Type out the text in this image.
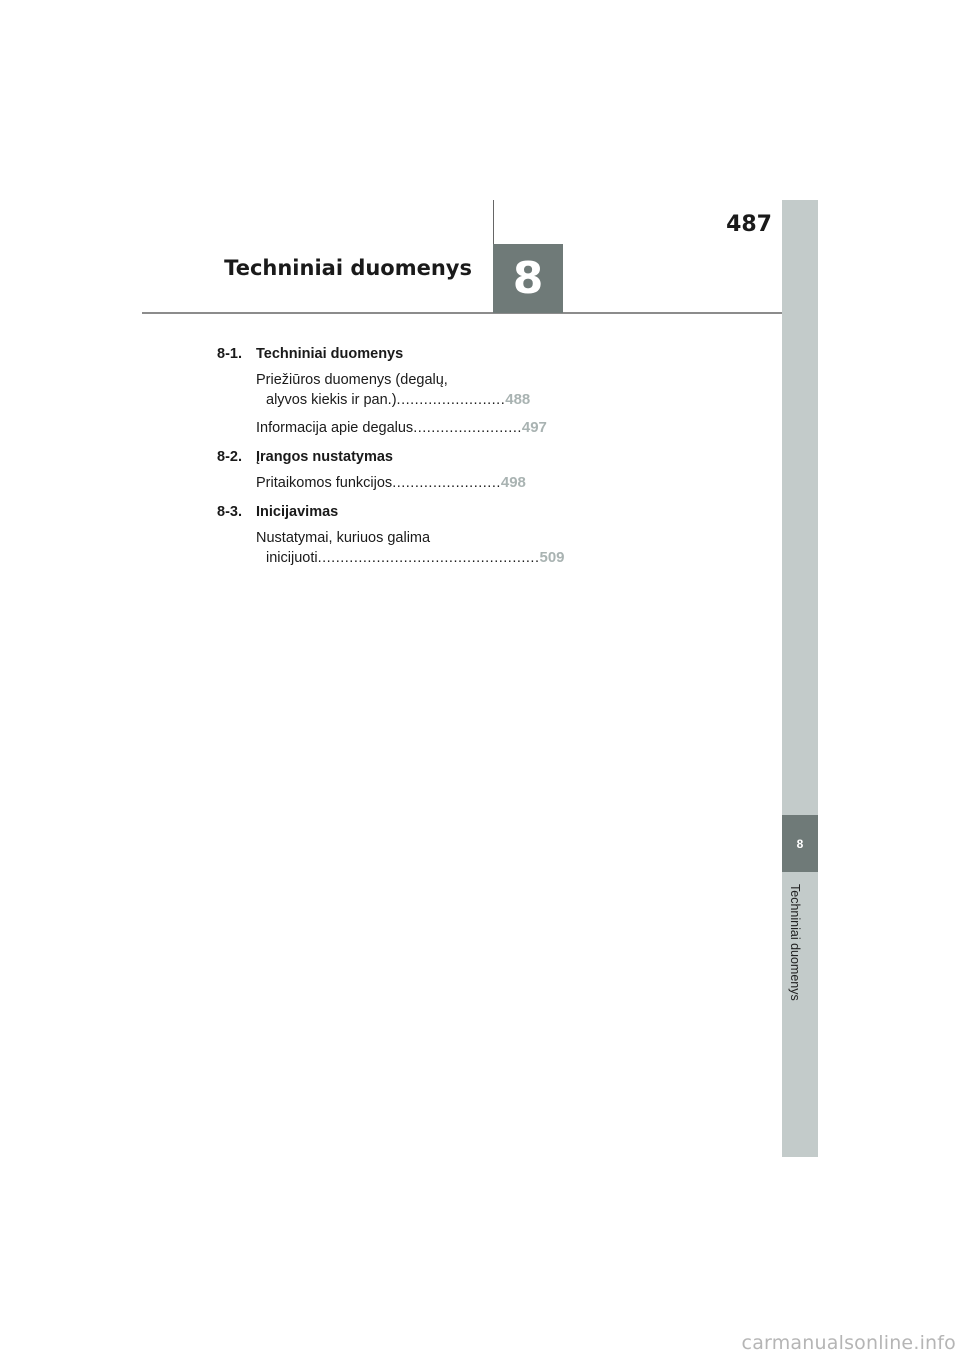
487
Techniniai duomenys 8
8
Techniniai duomenys
8-1. Techniniai duomenys
Priežiūros duomenys (degalų,
alyvos kiekis ir pan.) ........................ 488
Informacija apie degalus ........................ 497
8-2. Įrangos nustatymas
Pritaikomos funkcijos ........................ 498
8-3. Inicijavimas
Nustatymai, kuriuos galima
inicijuoti ................................................. 509
carmanualsonline.info
